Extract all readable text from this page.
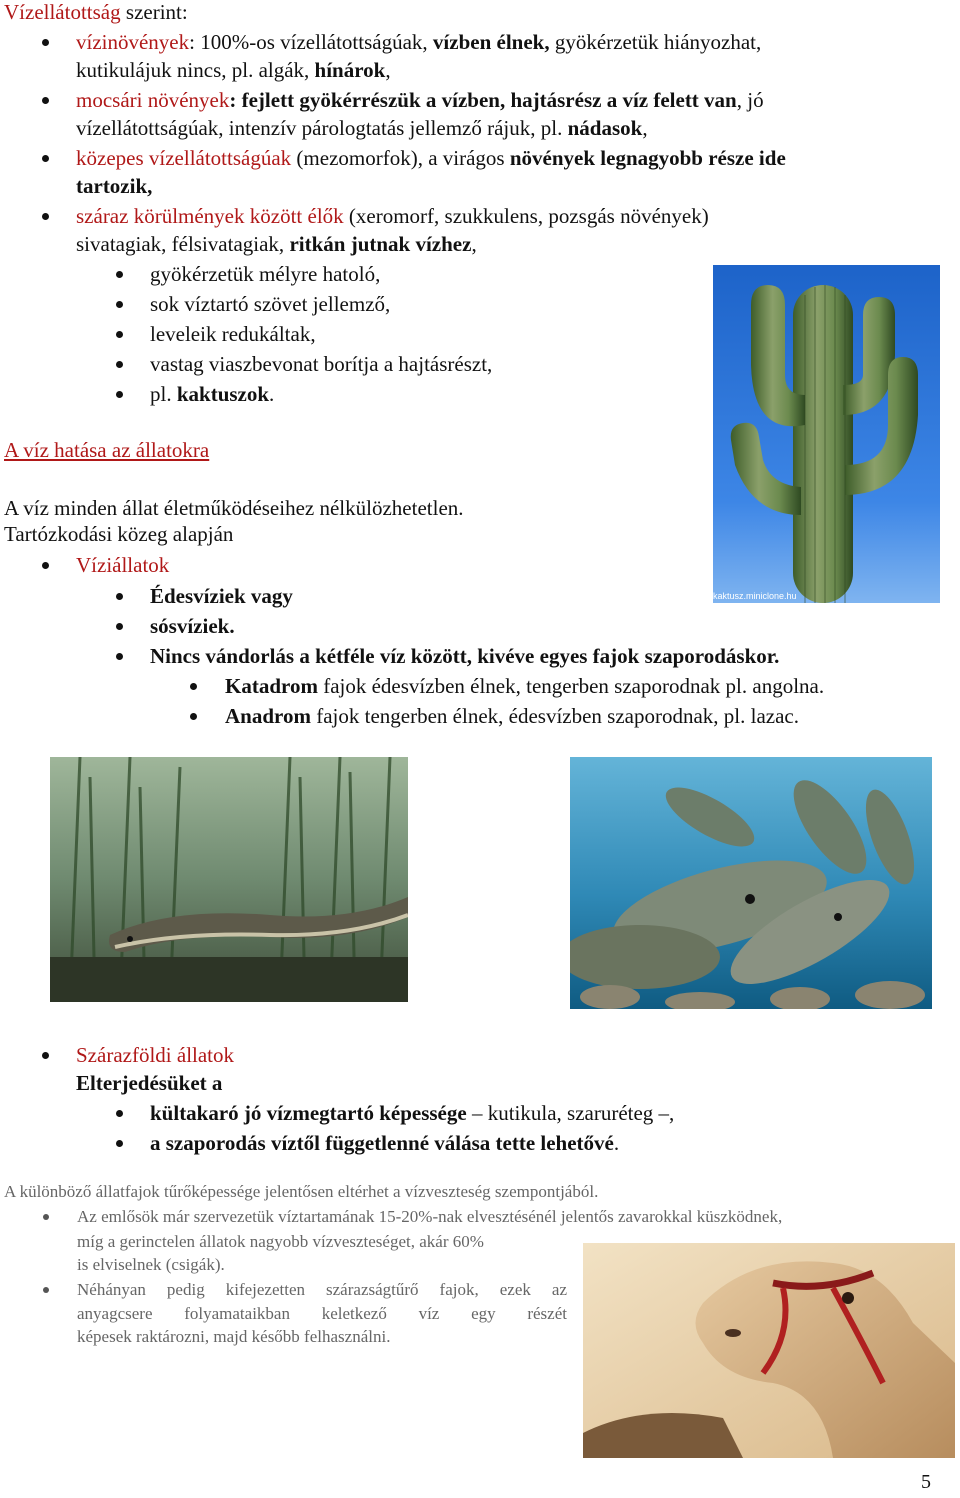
Vízellátottság szerint:
vízinövények: 100%-os vízellátottságúak, vízben élnek, gyökérzetük hiányozhat,
kutikulájuk nincs, pl. algák, hínárok,
mocsári növények: fejlett gyökérrészük a vízben, hajtásrész a víz felett van, jó
vízellátottságúak, intenzív párologtatás jellemző rájuk, pl. nádasok,
közepes vízellátottságúak (mezomorfok), a virágos növények legnagyobb része ide
tartozik,
száraz körülmények között élők (xeromorf, szukkulens, pozsgás növények)
sivatagiak, félsivatagiak, ritkán jutnak vízhez,
gyökérzetük mélyre hatoló,
sok víztartó szövet jellemző,
leveleik redukáltak,
vastag viaszbevonat borítja a hajtásrészt,
pl. kaktuszok.
kaktusz.miniclone.hu
A víz hatása az állatokra
A víz minden állat életműködéseihez nélkülözhetetlen.
Tartózkodási közeg alapján
Víziállatok
Édesvíziek vagy
sósvíziek.
Nincs vándorlás a kétféle víz között, kivéve egyes fajok szaporodáskor.
Katadrom fajok édesvízben élnek, tengerben szaporodnak pl. angolna.
Anadrom fajok tengerben élnek, édesvízben szaporodnak, pl. lazac.
Szárazföldi állatok
Elterjedésüket a
kültakaró jó vízmegtartó képessége – kutikula, szaruréteg –,
a szaporodás víztől függetlenné válása tette lehetővé.
A különböző állatfajok tűrőképessége jelentősen eltérhet a vízveszteség szempontjából.
Az emlősök már szervezetük víztartamának 15-20%-nak elvesztésénél jelentős zavarokkal küszködnek,
míg a gerinctelen állatok nagyobb vízveszteséget, akár 60%
is elviselnek (csigák).
Néhányan pedig kifejezetten szárazságtűrő fajok, ezek az
anyagcsere folyamataikban keletkező víz egy részét
képesek raktározni, majd később felhasználni.
5
